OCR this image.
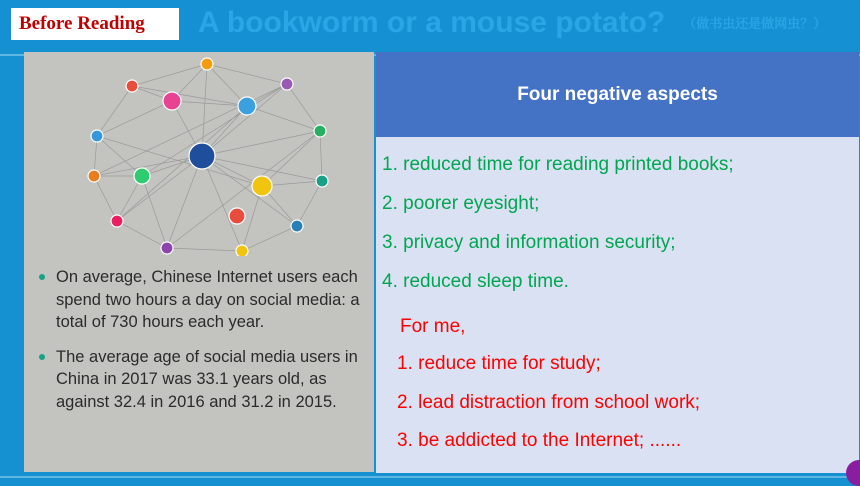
Before Reading A bookworm or a mouse potato? （做书虫还是做网虫？）
On average, Chinese Internet users each spend two hours a day on social media: a total of 730 hours each year.
The average age of social media users in China in 2017 was 33.1 years old, as against 32.4 in 2016 and 31.2 in 2015.
Four negative aspects
1. reduced time for reading printed books;
2. poorer eyesight;
3. privacy and information security;
4. reduced sleep time.
For me,
1. reduce time for study;
2. lead distraction from school work;
3. be addicted to the Internet; ......
